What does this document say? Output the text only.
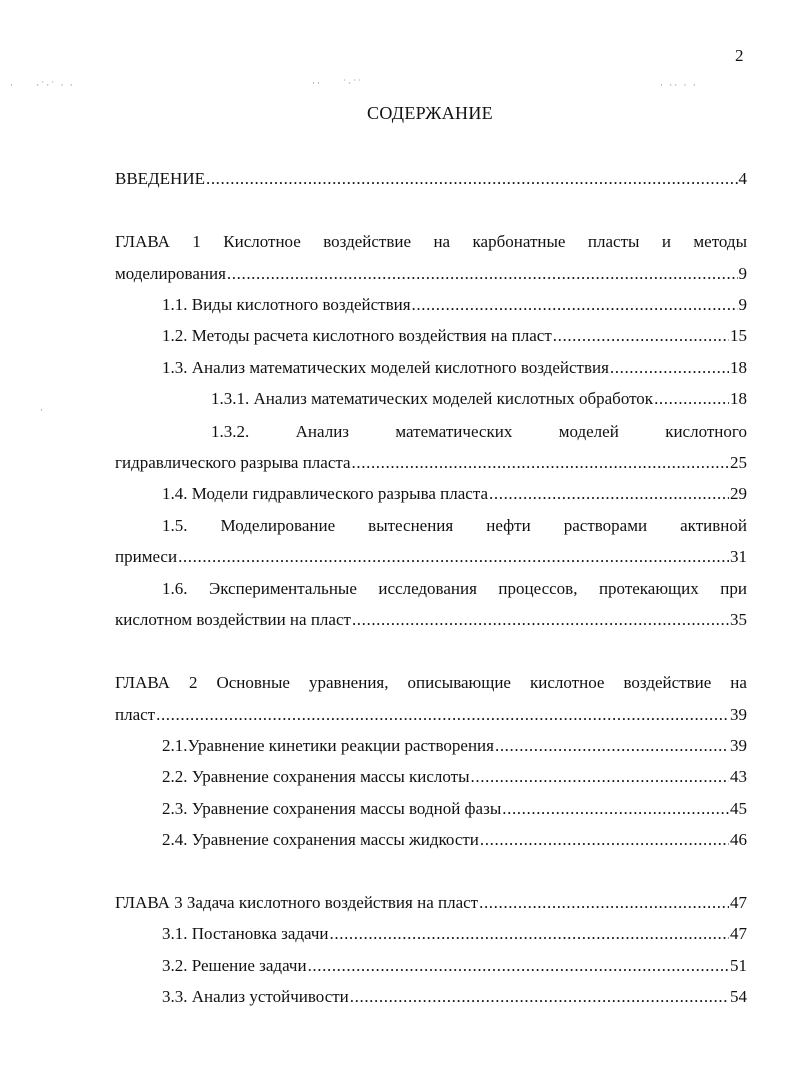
·     ·˙·˙ · ·	··     ˙·˙˙	· ·· · ·
·
2
СОДЕРЖАНИЕ
ВВЕДЕНИЕ .....	4
ГЛАВА 1 Кислотное воздействие на карбонатные пласты и методы
моделирования .....	9
1.1. Виды кислотного воздействия .....	9
1.2. Методы расчета кислотного воздействия на пласт .....	15
1.3. Анализ математических моделей кислотного воздействия .....	18
1.3.1. Анализ математических моделей кислотных обработок .....	18
1.3.2.	Анализ	математических	моделей	кислотного
гидравлического разрыва пласта .....	25
1.4. Модели гидравлического разрыва пласта .....	29
1.5. Моделирование вытеснения нефти растворами активной
примеси .....	31
1.6. Экспериментальные исследования процессов, протекающих при
кислотном воздействии на пласт .....	35
ГЛАВА 2 Основные уравнения, описывающие кислотное воздействие на
пласт .....	39
2.1.Уравнение кинетики реакции растворения .....	39
2.2. Уравнение сохранения массы кислоты .....	43
2.3. Уравнение сохранения массы водной фазы .....	45
2.4. Уравнение сохранения массы жидкости .....	46
ГЛАВА 3 Задача кислотного воздействия на пласт .....	47
3.1. Постановка задачи .....	47
3.2. Решение задачи .....	51
3.3. Анализ устойчивости .....	54
